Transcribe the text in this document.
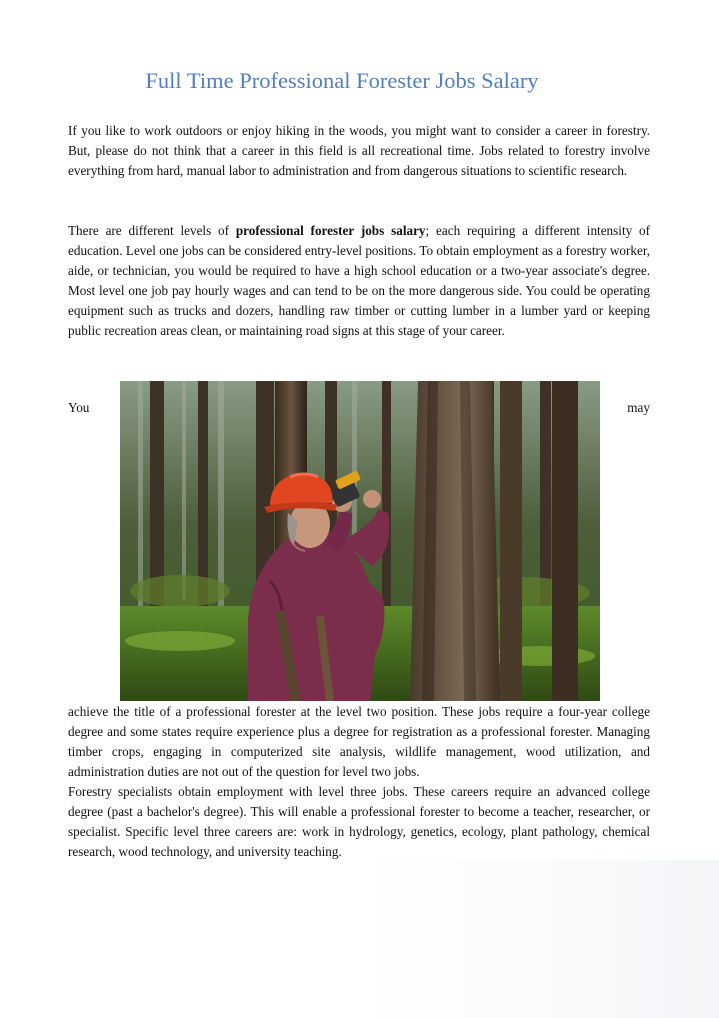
Full Time Professional Forester Jobs Salary

If you like to work outdoors or enjoy hiking in the woods, you might want to consider a career in forestry. But, please do not think that a career in this field is all recreational time. Jobs related to forestry involve everything from hard, manual labor to administration and from dangerous situations to scientific research.

There are different levels of professional forester jobs salary; each requiring a different intensity of education. Level one jobs can be considered entry-level positions. To obtain employment as a forestry worker, aide, or technician, you would be required to have a high school education or a two-year associate's degree. Most level one job pay hourly wages and can tend to be on the more dangerous side. You could be operating equipment such as trucks and dozers, handling raw timber or cutting lumber in a lumber yard or keeping public recreation areas clean, or maintaining road signs at this stage of your career.

You	may

achieve the title of a professional forester at the level two position. These jobs require a four-year college degree and some states require experience plus a degree for registration as a professional forester. Managing timber crops, engaging in computerized site analysis, wildlife management, wood utilization, and administration duties are not out of the question for level two jobs.

Forestry specialists obtain employment with level three jobs. These careers require an advanced college degree (past a bachelor's degree). This will enable a professional forester to become a teacher, researcher, or specialist. Specific level three careers are: work in hydrology, genetics, ecology, plant pathology, chemical research, wood technology, and university teaching.
